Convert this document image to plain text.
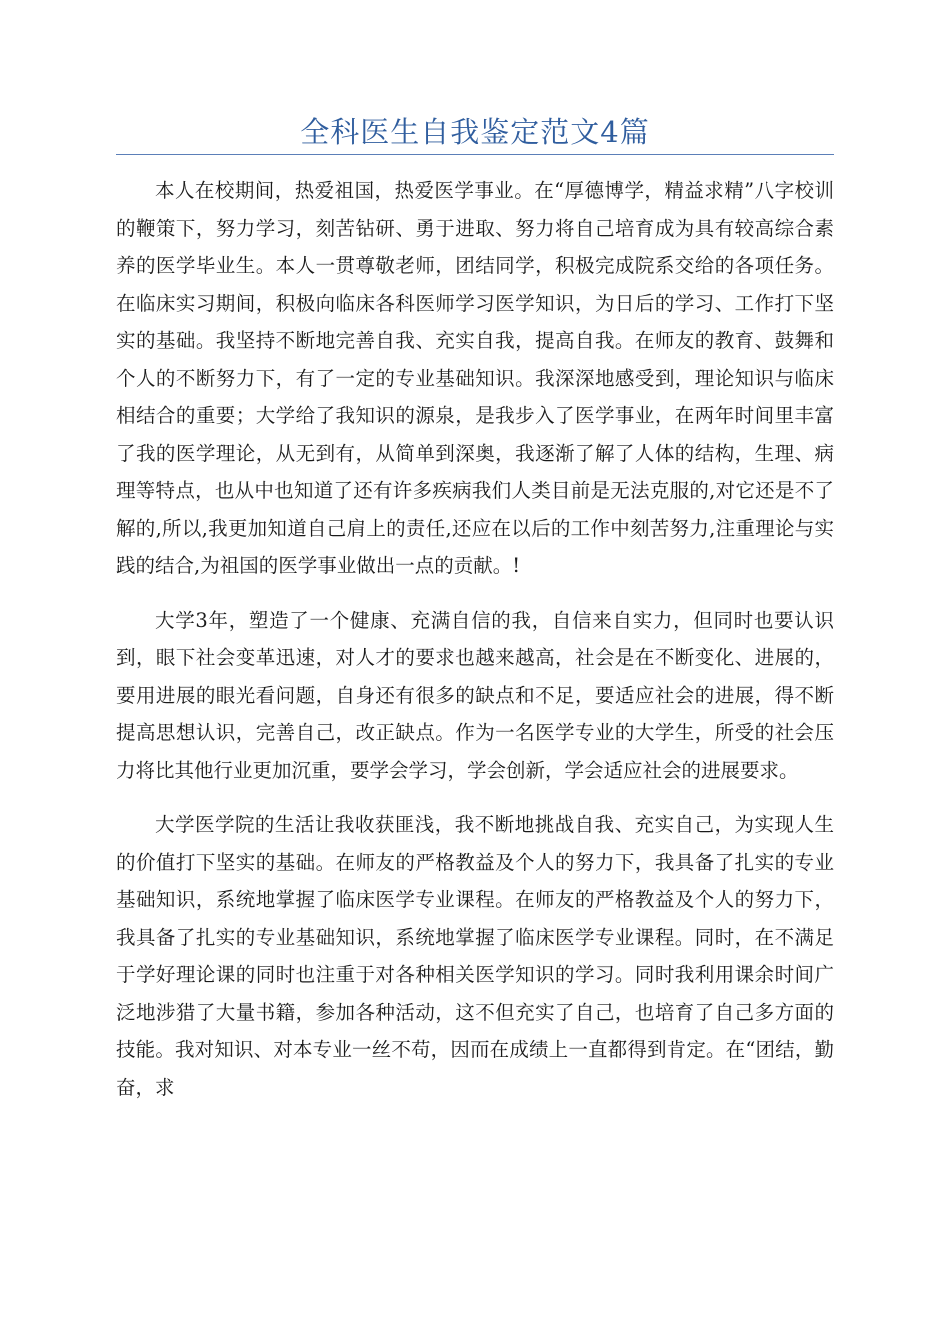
全科医生自我鉴定范文4篇

本人在校期间，热爱祖国，热爱医学事业。在“厚德博学，精益求精”八字校训的鞭策下，努力学习，刻苦钻研、勇于进取、努力将自己培育成为具有较高综合素养的医学毕业生。本人一贯尊敬老师，团结同学，积极完成院系交给的各项任务。在临床实习期间，积极向临床各科医师学习医学知识，为日后的学习、工作打下坚实的基础。我坚持不断地完善自我、充实自我，提高自我。在师友的教育、鼓舞和个人的不断努力下，有了一定的专业基础知识。我深深地感受到，理论知识与临床相结合的重要；大学给了我知识的源泉，是我步入了医学事业，在两年时间里丰富了我的医学理论，从无到有，从简单到深奥，我逐渐了解了人体的结构，生理、病理等特点，也从中也知道了还有许多疾病我们人类目前是无法克服的,对它还是不了解的,所以,我更加知道自己肩上的责任,还应在以后的工作中刻苦努力,注重理论与实践的结合,为祖国的医学事业做出一点的贡献。!

大学3年，塑造了一个健康、充满自信的我，自信来自实力，但同时也要认识到，眼下社会变革迅速，对人才的要求也越来越高，社会是在不断变化、进展的，要用进展的眼光看问题，自身还有很多的缺点和不足，要适应社会的进展，得不断提高思想认识，完善自己，改正缺点。作为一名医学专业的大学生，所受的社会压力将比其他行业更加沉重，要学会学习，学会创新，学会适应社会的进展要求。

大学医学院的生活让我收获匪浅，我不断地挑战自我、充实自己，为实现人生的价值打下坚实的基础。在师友的严格教益及个人的努力下，我具备了扎实的专业基础知识，系统地掌握了临床医学专业课程。在师友的严格教益及个人的努力下，我具备了扎实的专业基础知识，系统地掌握了临床医学专业课程。同时，在不满足于学好理论课的同时也注重于对各种相关医学知识的学习。同时我利用课余时间广泛地涉猎了大量书籍，参加各种活动，这不但充实了自己，也培育了自己多方面的技能。我对知识、对本专业一丝不苟，因而在成绩上一直都得到肯定。在“团结，勤奋，求
